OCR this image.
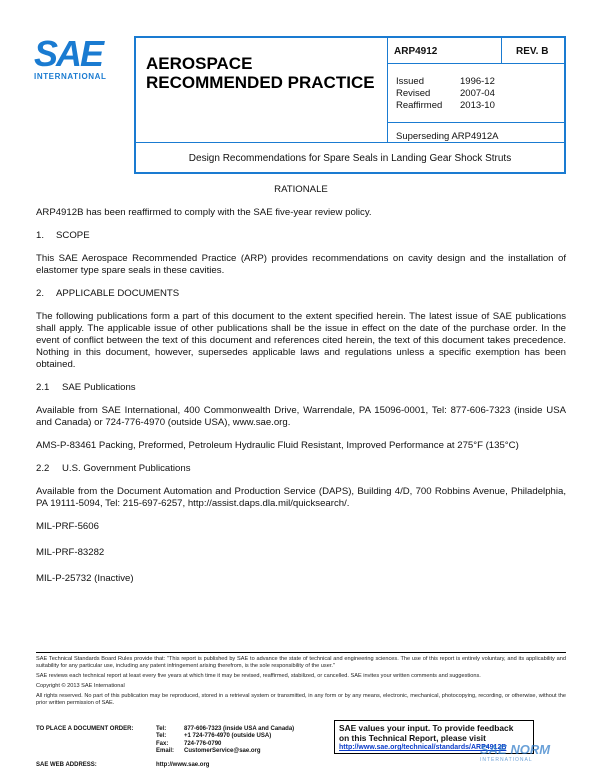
SAE
INTERNATIONAL
AEROSPACE
RECOMMENDED PRACTICE
ARP4912	REV. B
Issued	1996-12
Revised	2007-04
Reaffirmed	2013-10
Superseding ARP4912A
Design Recommendations for Spare Seals in Landing Gear Shock Struts
RATIONALE
ARP4912B has been reaffirmed to comply with the SAE five-year review policy.
1. SCOPE
This SAE Aerospace Recommended Practice (ARP) provides recommendations on cavity design and the installation of elastomer type spare seals in these cavities.
2. APPLICABLE DOCUMENTS
The following publications form a part of this document to the extent specified herein. The latest issue of SAE publications shall apply. The applicable issue of other publications shall be the issue in effect on the date of the purchase order. In the event of conflict between the text of this document and references cited herein, the text of this document takes precedence. Nothing in this document, however, supersedes applicable laws and regulations unless a specific exemption has been obtained.
2.1 SAE Publications
Available from SAE International, 400 Commonwealth Drive, Warrendale, PA 15096-0001, Tel: 877-606-7323 (inside USA and Canada) or 724-776-4970 (outside USA), www.sae.org.
AMS-P-83461 Packing, Preformed, Petroleum Hydraulic Fluid Resistant, Improved Performance at 275°F (135°C)
2.2 U.S. Government Publications
Available from the Document Automation and Production Service (DAPS), Building 4/D, 700 Robbins Avenue, Philadelphia, PA 19111-5094, Tel: 215-697-6257, http://assist.daps.dla.mil/quicksearch/.
MIL-PRF-5606
MIL-PRF-83282
MIL-P-25732 (Inactive)

SAE Technical Standards Board Rules provide that: "This report is published by SAE to advance the state of technical and engineering sciences. The use of this report is entirely voluntary, and its applicability and suitability for any particular use, including any patent infringement arising therefrom, is the sole responsibility of the user."

SAE reviews each technical report at least every five years at which time it may be revised, reaffirmed, stabilized, or cancelled. SAE invites your written comments and suggestions.

Copyright © 2013 SAE International

All rights reserved. No part of this publication may be reproduced, stored in a retrieval system or transmitted, in any form or by any means, electronic, mechanical, photocopying, recording, or otherwise, without the prior written permission of SAE.

TO PLACE A DOCUMENT ORDER:	Tel:	877-606-7323 (inside USA and Canada)
Tel:	+1 724-776-4970 (outside USA)
Fax:	724-776-0790
Email:	CustomerService@sae.org
SAE WEB ADDRESS:	http://www.sae.org
SAE values your input. To provide feedback
on this Technical Report, please visit
http://www.sae.org/technical/standards/ARP4912B
SAE NORM
INTERNATIONAL
